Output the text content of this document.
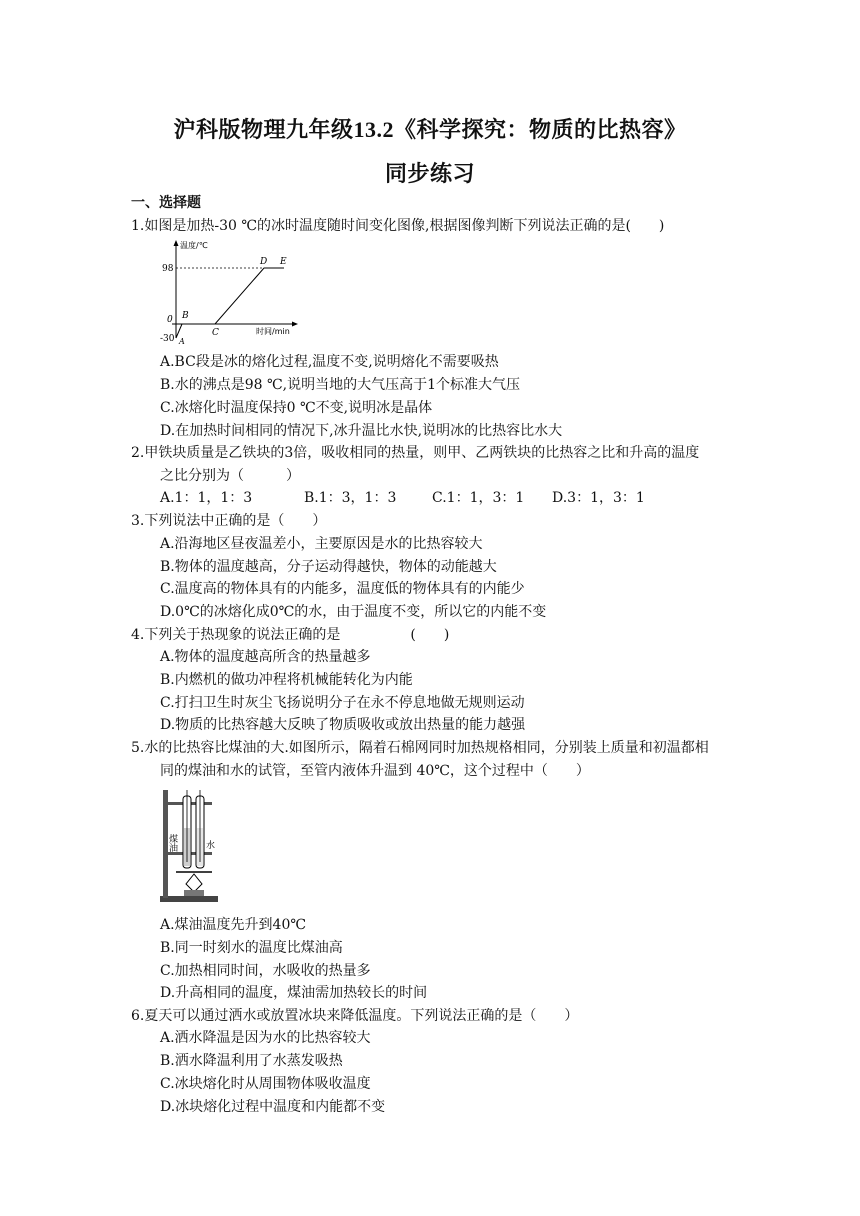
沪科版物理九年级13.2《科学探究：物质的比热容》
同步练习
一、选择题
1.如图是加热-30 ℃的冰时温度随时间变化图像,根据图像判断下列说法正确的是(　　)
温度/℃
时间/min
98
0
-30 A
B
C
D E
A.BC段是冰的熔化过程,温度不变,说明熔化不需要吸热
B.水的沸点是98 ℃,说明当地的大气压高于1个标准大气压
C.冰熔化时温度保持0 ℃不变,说明冰是晶体
D.在加热时间相同的情况下,冰升温比水快,说明冰的比热容比水大
2.甲铁块质量是乙铁块的3倍，吸收相同的热量，则甲、乙两铁块的比热容之比和升高的温度
之比分别为（　　　）
A.1：1，1：3	B.1：3，1：3	C.1：1，3：1 D.3：1，3：1
3.下列说法中正确的是（　　）
A.沿海地区昼夜温差小，主要原因是水的比热容较大
B.物体的温度越高，分子运动得越快，物体的动能越大
C.温度高的物体具有的内能多，温度低的物体具有的内能少
D.0℃的冰熔化成0℃的水，由于温度不变，所以它的内能不变
4.下列关于热现象的说法正确的是　　　　　(　　)
A.物体的温度越高所含的热量越多
B.内燃机的做功冲程将机械能转化为内能
C.打扫卫生时灰尘飞扬说明分子在永不停息地做无规则运动
D.物质的比热容越大反映了物质吸收或放出热量的能力越强
5.水的比热容比煤油的大.如图所示，隔着石棉网同时加热规格相同，分别装上质量和初温都相
同的煤油和水的试管，至管内液体升温到 40℃，这个过程中（　　）
煤油	水
A.煤油温度先升到40℃
B.同一时刻水的温度比煤油高
C.加热相同时间，水吸收的热量多
D.升高相同的温度，煤油需加热较长的时间
6.夏天可以通过洒水或放置冰块来降低温度。下列说法正确的是（　　）
A.洒水降温是因为水的比热容较大
B.洒水降温利用了水蒸发吸热
C.冰块熔化时从周围物体吸收温度
D.冰块熔化过程中温度和内能都不变
